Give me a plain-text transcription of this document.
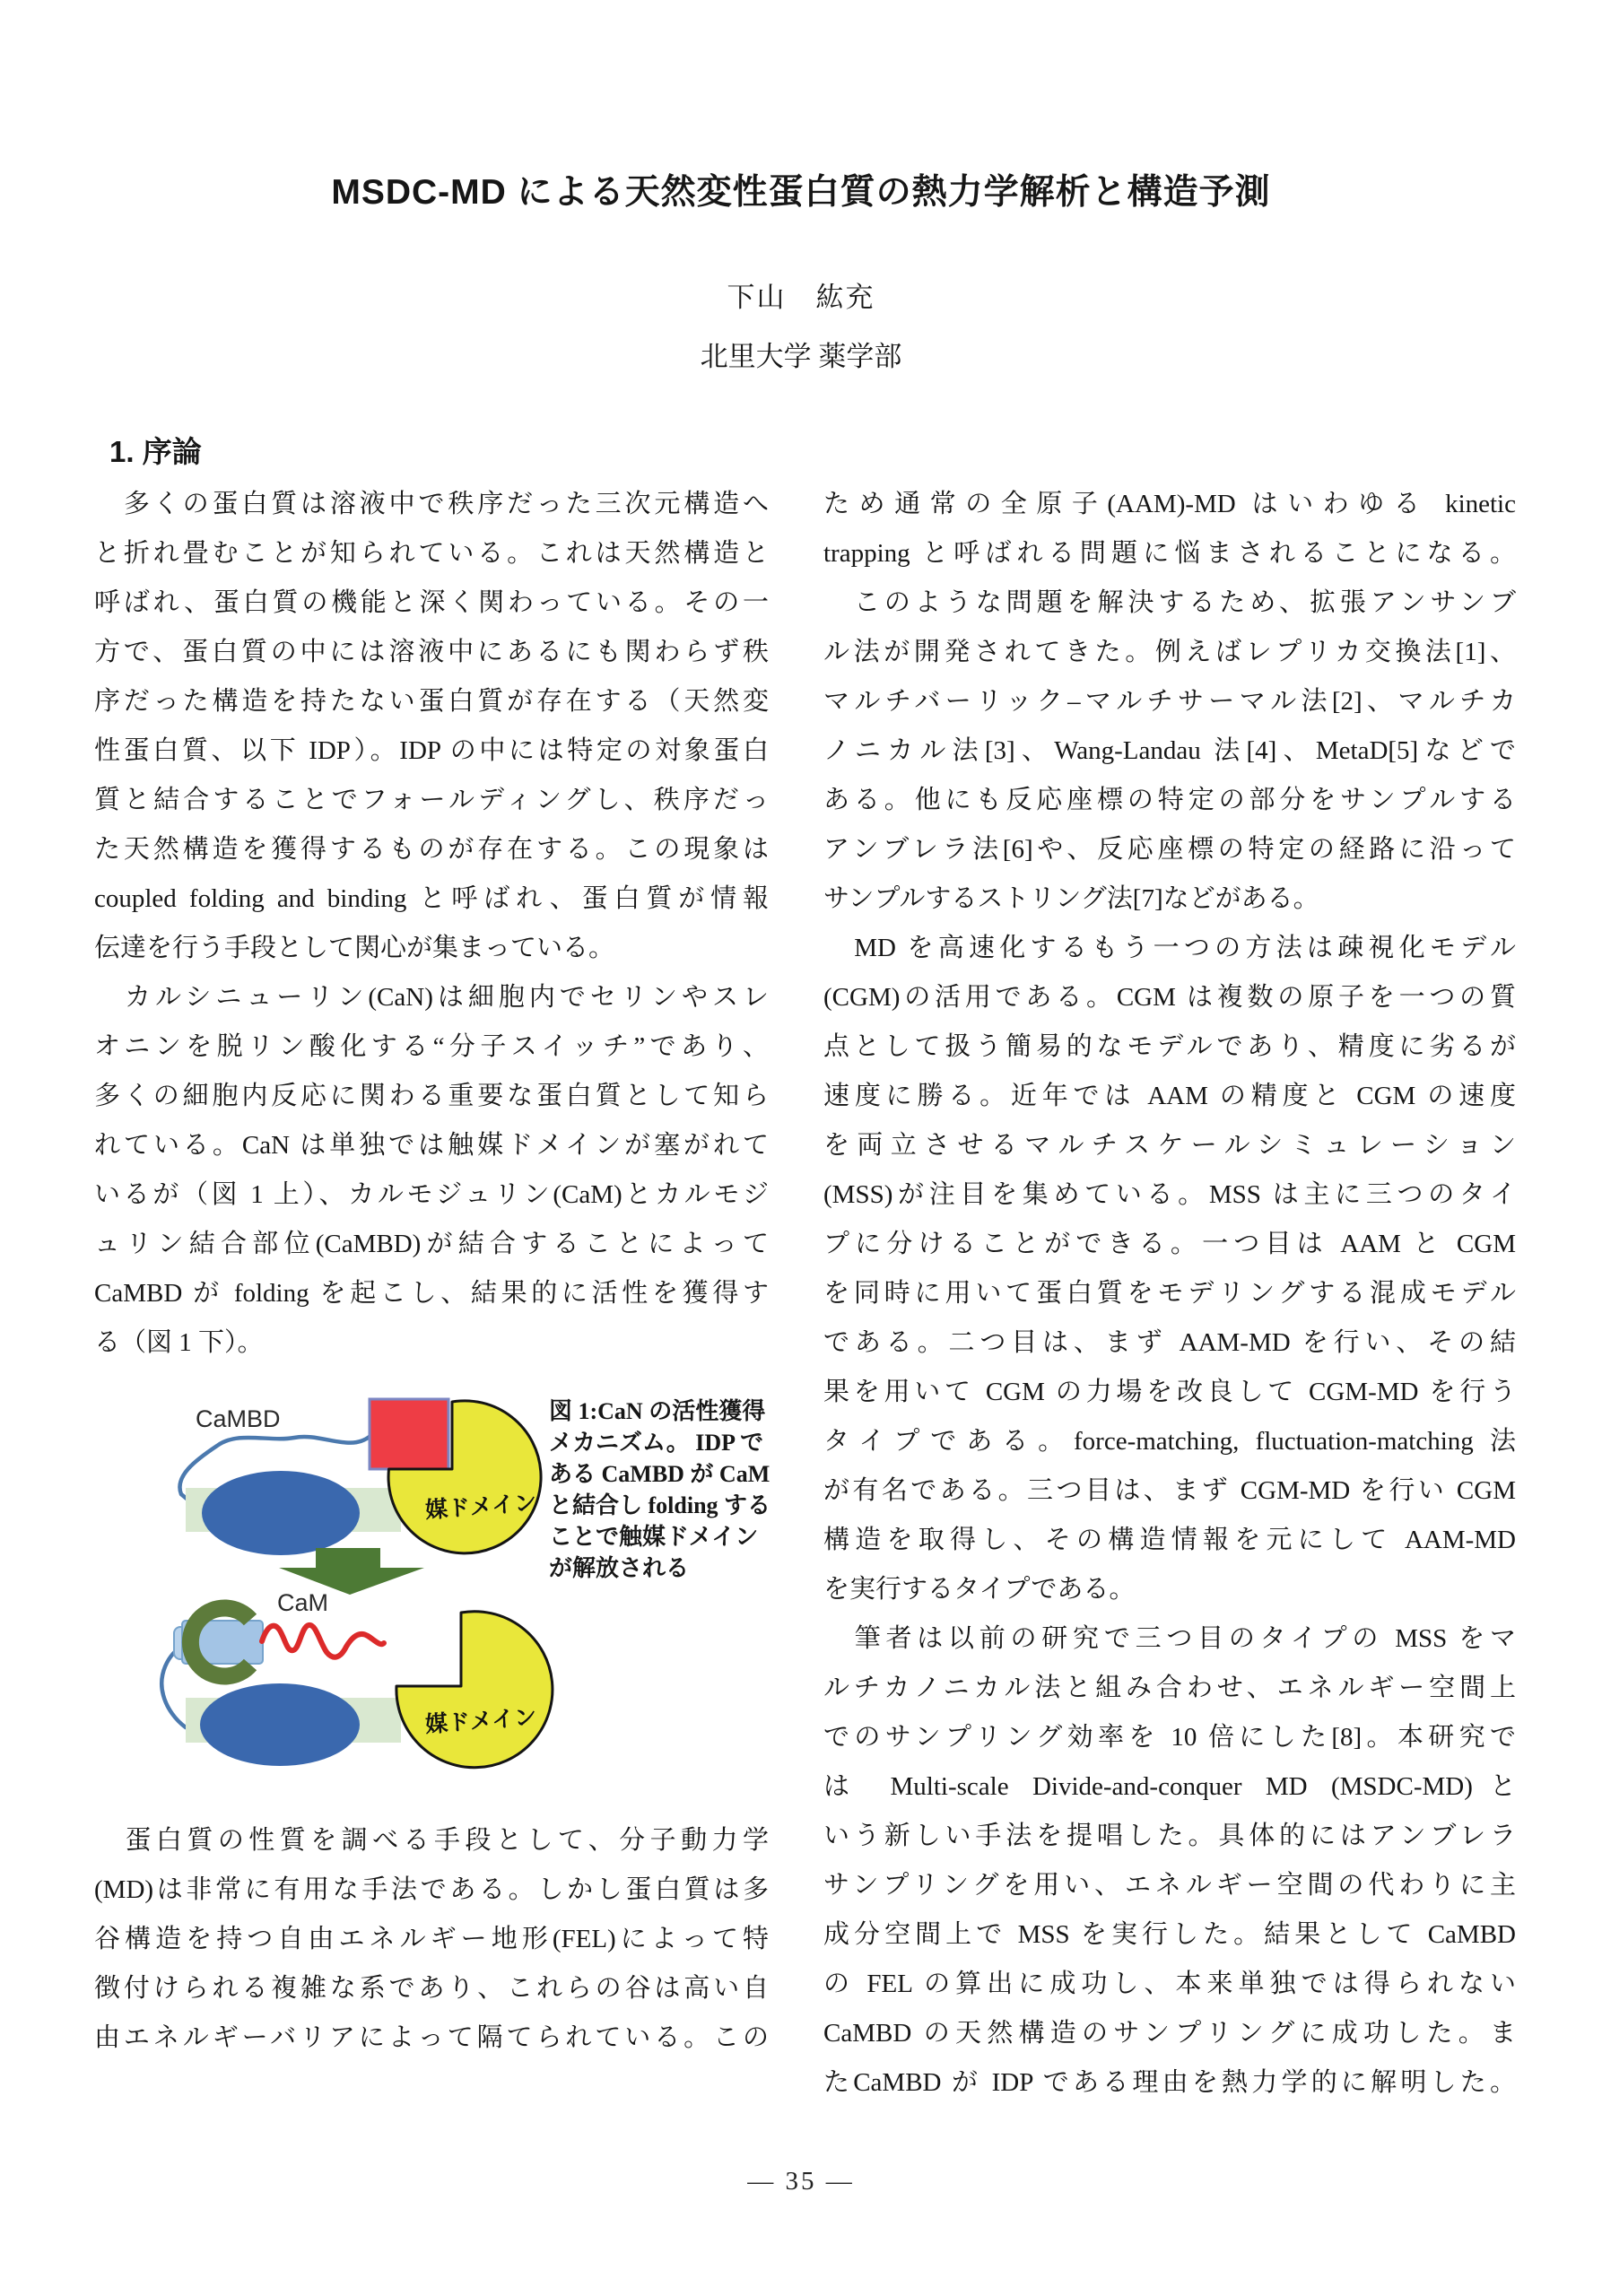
MSDC-MD による天然変性蛋白質の熱力学解析と構造予測
下山　紘充
北里大学 薬学部
1. 序論
　多くの蛋白質は溶液中で秩序だった三次元構造へ
と折れ畳むことが知られている。これは天然構造と
呼ばれ、蛋白質の機能と深く関わっている。その一
方で、蛋白質の中には溶液中にあるにも関わらず秩
序だった構造を持たない蛋白質が存在する（天然変
性蛋白質、以下 IDP）。IDP の中には特定の対象蛋白
質と結合することでフォールディングし、秩序だっ
た天然構造を獲得するものが存在する。この現象は
coupled folding and binding と呼ばれ、蛋白質が情報
伝達を行う手段として関心が集まっている。
　カルシニューリン(CaN)は細胞内でセリンやスレ
オニンを脱リン酸化する“分子スイッチ”であり、
多くの細胞内反応に関わる重要な蛋白質として知ら
れている。CaN は単独では触媒ドメインが塞がれて
いるが（図 1 上）、カルモジュリン(CaM)とカルモジ
ュリン結合部位(CaMBD)が結合することによって
CaMBD が folding を起こし、結果的に活性を獲得す
る（図 1 下）。
ため通常の全原子(AAM)-MD はいわゆる kinetic
trapping と呼ばれる問題に悩まされることになる。
　このような問題を解決するため、拡張アンサンブ
ル法が開発されてきた。例えばレプリカ交換法[1]、
マルチバーリック–マルチサーマル法[2]、マルチカ
ノニカル法[3]、Wang-Landau 法[4]、MetaD[5]などで
ある。他にも反応座標の特定の部分をサンプルする
アンブレラ法[6]や、反応座標の特定の経路に沿って
サンプルするストリング法[7]などがある。
　MD を高速化するもう一つの方法は疎視化モデル
(CGM)の活用である。CGM は複数の原子を一つの質
点として扱う簡易的なモデルであり、精度に劣るが
速度に勝る。近年では AAM の精度と CGM の速度
を両立させるマルチスケールシミュレーション
(MSS)が注目を集めている。MSS は主に三つのタイ
プに分けることができる。一つ目は AAM と CGM
を同時に用いて蛋白質をモデリングする混成モデル
である。二つ目は、まず AAM-MD を行い、その結
果を用いて CGM の力場を改良して CGM-MD を行う
タイプである。force-matching, fluctuation-matching 法
が有名である。三つ目は、まず CGM-MD を行い CGM
構造を取得し、その構造情報を元にして AAM-MD
を実行するタイプである。
　筆者は以前の研究で三つ目のタイプの MSS をマ
ルチカノニカル法と組み合わせ、エネルギー空間上
でのサンプリング効率を 10 倍にした[8]。本研究で
は Multi-scale Divide-and-conquer MD (MSDC-MD)と
いう新しい手法を提唱した。具体的にはアンブレラ
サンプリングを用い、エネルギー空間の代わりに主
成分空間上で MSS を実行した。結果として CaMBD
の FEL の算出に成功し、本来単独では得られない
CaMBD の天然構造のサンプリングに成功した。ま
たCaMBD が IDP である理由を熱力学的に解明した。
　蛋白質の性質を調べる手段として、分子動力学
(MD)は非常に有用な手法である。しかし蛋白質は多
谷構造を持つ自由エネルギー地形(FEL)によって特
徴付けられる複雑な系であり、これらの谷は高い自
由エネルギーバリアによって隔てられている。この
CaMBD
媒ドメイン
CaM
媒ドメイン
図 1:CaN の活性獲得
メカニズム。 IDP で
ある CaMBD が CaM
と結合し folding する
ことで触媒ドメイン
が解放される
― 35 ―
